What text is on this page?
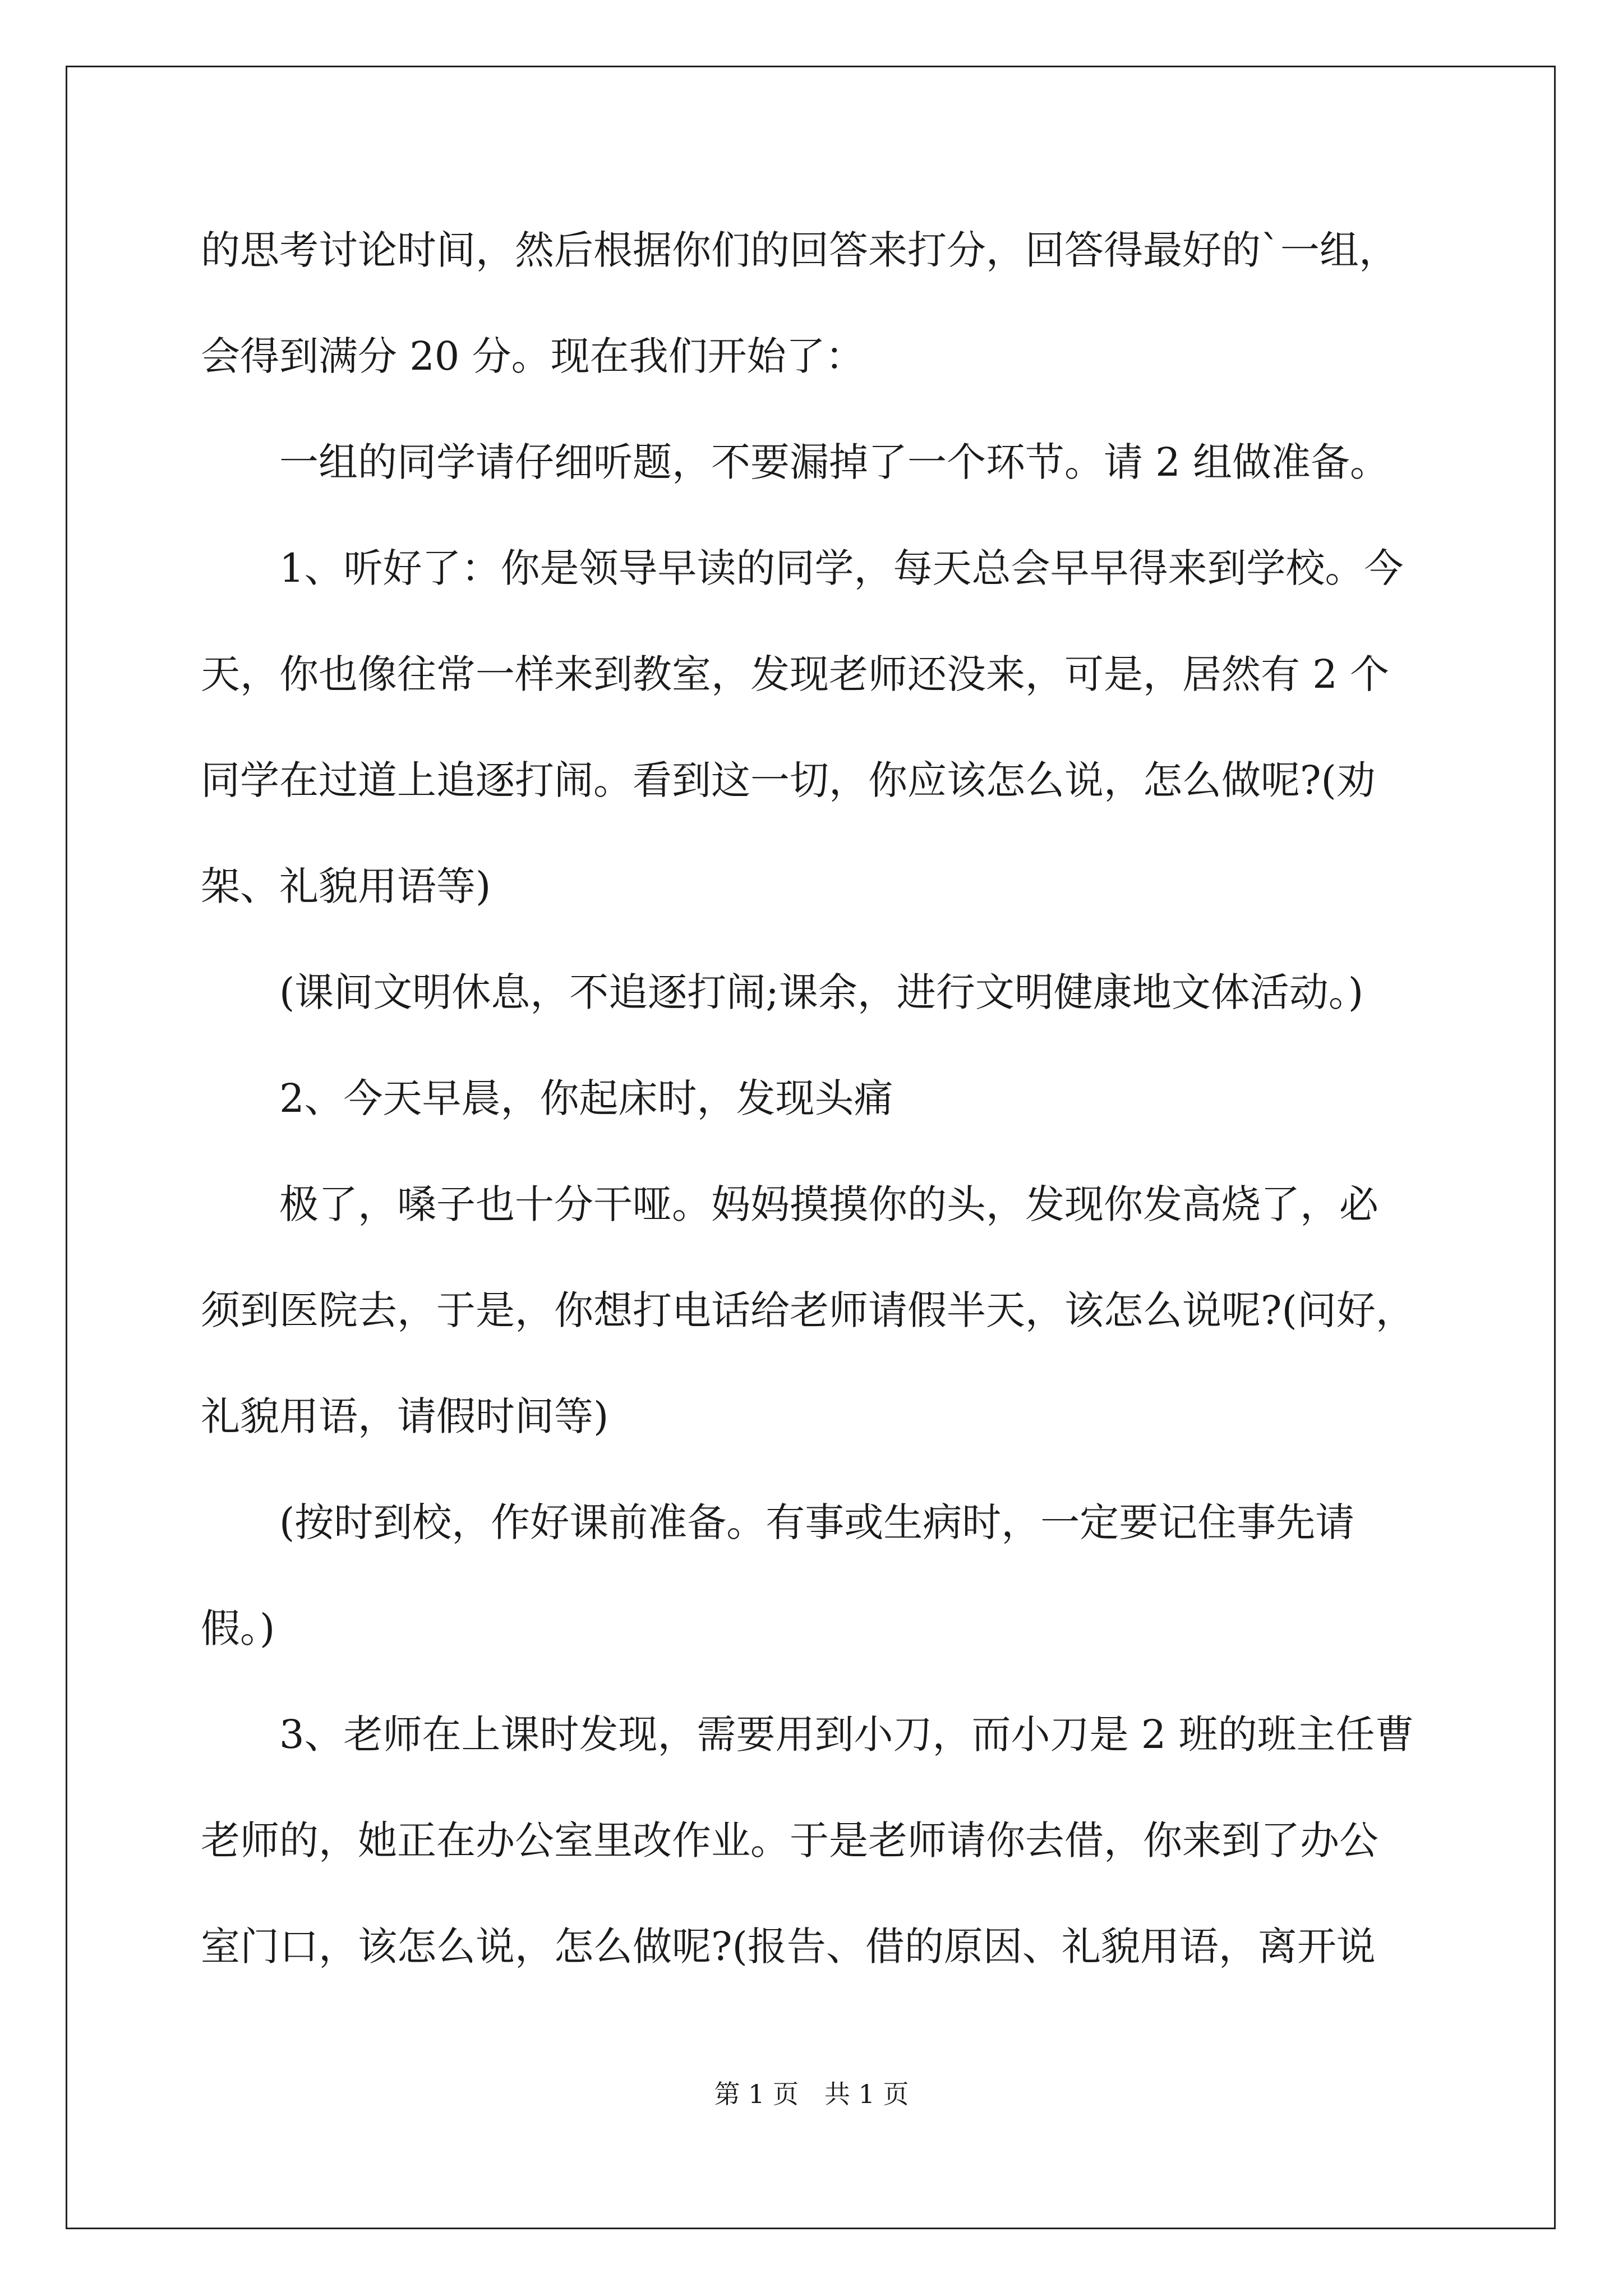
的思考讨论时间，然后根据你们的回答来打分，回答得最好的`一组，
会得到满分 20 分。现在我们开始了：
一组的同学请仔细听题，不要漏掉了一个环节。请 2 组做准备。
1、听好了：你是领导早读的同学，每天总会早早得来到学校。今
天，你也像往常一样来到教室，发现老师还没来，可是，居然有 2 个
同学在过道上追逐打闹。看到这一切，你应该怎么说，怎么做呢?(劝
架、礼貌用语等)
(课间文明休息，不追逐打闹;课余，进行文明健康地文体活动。)
2、今天早晨，你起床时，发现头痛
极了，嗓子也十分干哑。妈妈摸摸你的头，发现你发高烧了，必
须到医院去，于是，你想打电话给老师请假半天，该怎么说呢?(问好，
礼貌用语，请假时间等)
(按时到校，作好课前准备。有事或生病时，一定要记住事先请
假。)
3、老师在上课时发现，需要用到小刀，而小刀是 2 班的班主任曹
老师的，她正在办公室里改作业。于是老师请你去借，你来到了办公
室门口，该怎么说，怎么做呢?(报告、借的原因、礼貌用语，离开说
第 1 页　共 1 页
